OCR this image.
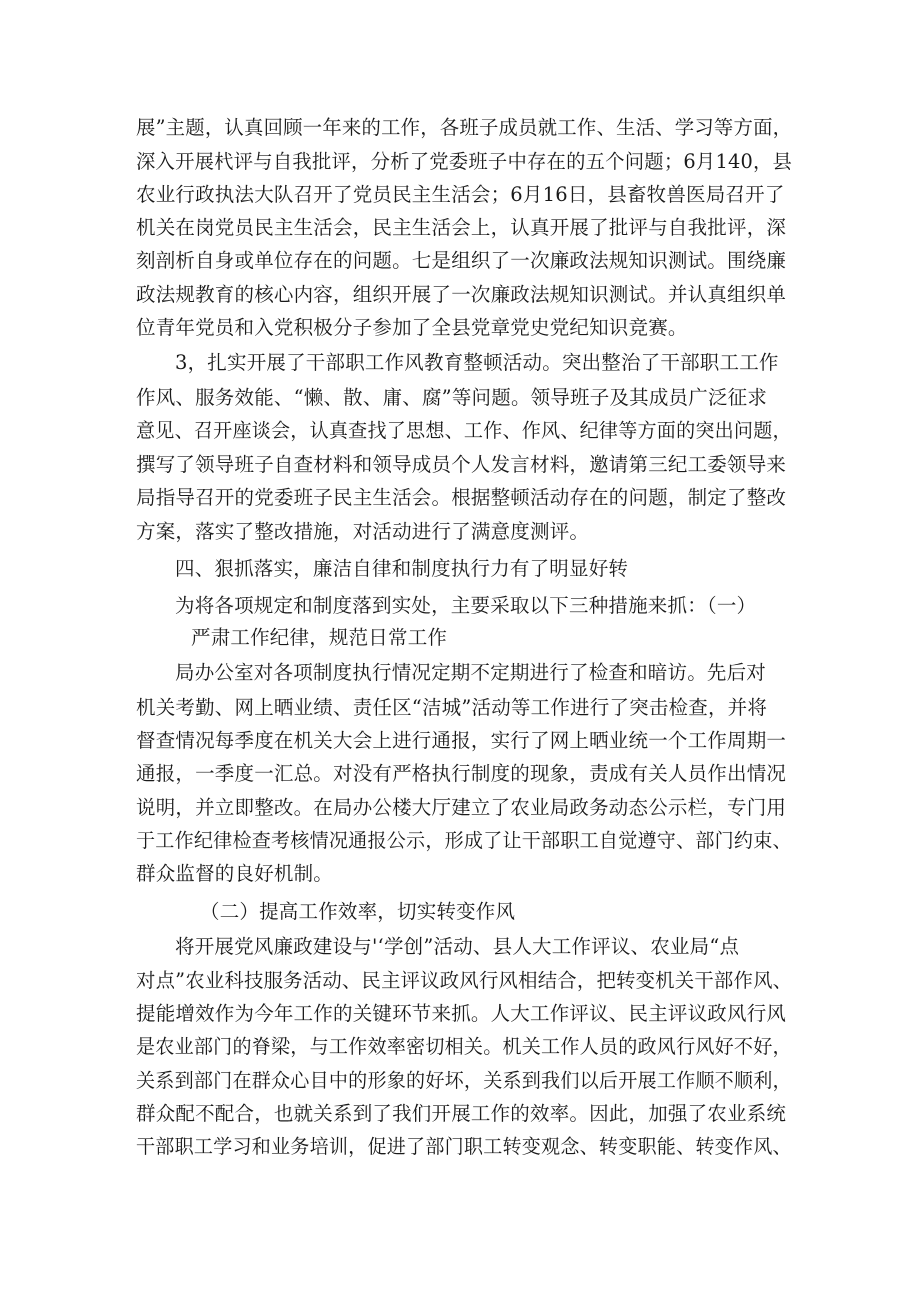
展”主题，认真回顾一年来的工作，各班子成员就工作、生活、学习等方面，
深入开展杙评与自我批评，分析了党委班子中存在的五个问题；6月140，县
农业行政执法大队召开了党员民主生活会；6月16日，县畜牧兽医局召开了
机关在岗党员民主生活会，民主生活会上，认真开展了批评与自我批评，深
刻剖析自身或单位存在的问题。七是组织了一次廉政法规知识测试。围绕廉
政法规教育的核心内容，组织开展了一次廉政法规知识测试。并认真组织单
位青年党员和入党积极分子参加了全县党章党史党纪知识竞赛。
3，扎实开展了干部职工作风教育整顿活动。突出整治了干部职工工作
作风、服务效能、“懒、散、庸、腐”等问题。领导班子及其成员广泛征求
意见、召开座谈会，认真查找了思想、工作、作风、纪律等方面的突出问题，
撰写了领导班子自查材料和领导成员个人发言材料，邀请第三纪工委领导来
局指导召开的党委班子民主生活会。根据整顿活动存在的问题，制定了整改
方案，落实了整改措施，对活动进行了满意度测评。
四、狠抓落实，廉洁自律和制度执行力有了明显好转
为将各项规定和制度落到实处，主要采取以下三种措施来抓：（一）
严肃工作纪律，规范日常工作
局办公室对各项制度执行情况定期不定期进行了检查和暗访。先后对
机关考勤、网上晒业绩、责任区“洁城”活动等工作进行了突击检查，并将
督查情况每季度在机关大会上进行通报，实行了网上晒业统一个工作周期一
通报，一季度一汇总。对没有严格执行制度的现象，责成有关人员作出情况
说明，并立即整改。在局办公楼大厅建立了农业局政务动态公示栏，专门用
于工作纪律检查考核情况通报公示，形成了让干部职工自觉遵守、部门约束、
群众监督的良好机制。
（二）提高工作效率，切实转变作风
将开展党风廉政建设与'‘学创”活动、县人大工作评议、农业局“点
对点”农业科技服务活动、民主评议政风行风相结合，把转变机关干部作风、
提能增效作为今年工作的关键环节来抓。人大工作评议、民主评议政风行风
是农业部门的脊梁，与工作效率密切相关。机关工作人员的政风行风好不好，
关系到部门在群众心目中的形象的好坏，关系到我们以后开展工作顺不顺利，
群众配不配合，也就关系到了我们开展工作的效率。因此，加强了农业系统
干部职工学习和业务培训，促进了部门职工转变观念、转变职能、转变作风、
